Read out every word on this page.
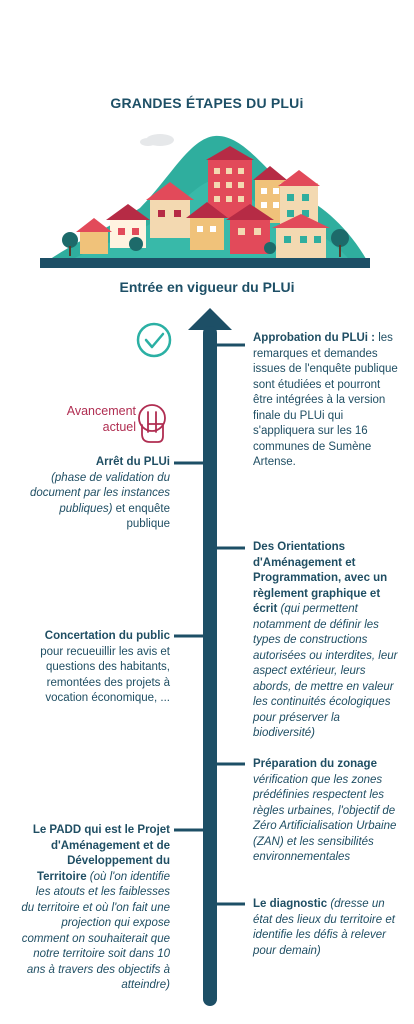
GRANDES ÉTAPES DU PLUi
Entrée en vigueur du PLUi
Avancement
actuel
Approbation du PLUi : les remarques et demandes issues de l'enquête publique sont étudiées et pourront être intégrées à la version finale du PLUi qui s'appliquera sur les 16 communes de Sumène Artense.
Arrêt du PLUi
(phase de validation du document par les instances publiques) et enquête publique
Des Orientations d'Aménagement et Programmation, avec un règlement graphique et écrit (qui permettent notamment de définir les types de constructions autorisées ou interdites, leur aspect extérieur, leurs abords, de mettre en valeur les continuités écologiques pour préserver la biodiversité)
Concertation du public pour recueuillir les avis et questions des habitants, remontées des projets à vocation économique, ...
Préparation du zonage vérification que les zones prédéfinies respectent les règles urbaines, l'objectif de Zéro Artificialisation Urbaine (ZAN) et les sensibilités environnementales
Le PADD qui est le Projet d'Aménagement et de Développement du Territoire (où l'on identifie les atouts et les faiblesses du territoire et où l'on fait une projection qui expose comment on souhaiterait que notre territoire soit dans 10 ans à travers des objectifs à atteindre)
Le diagnostic (dresse un état des lieux du territoire et identifie les défis à relever pour demain)
